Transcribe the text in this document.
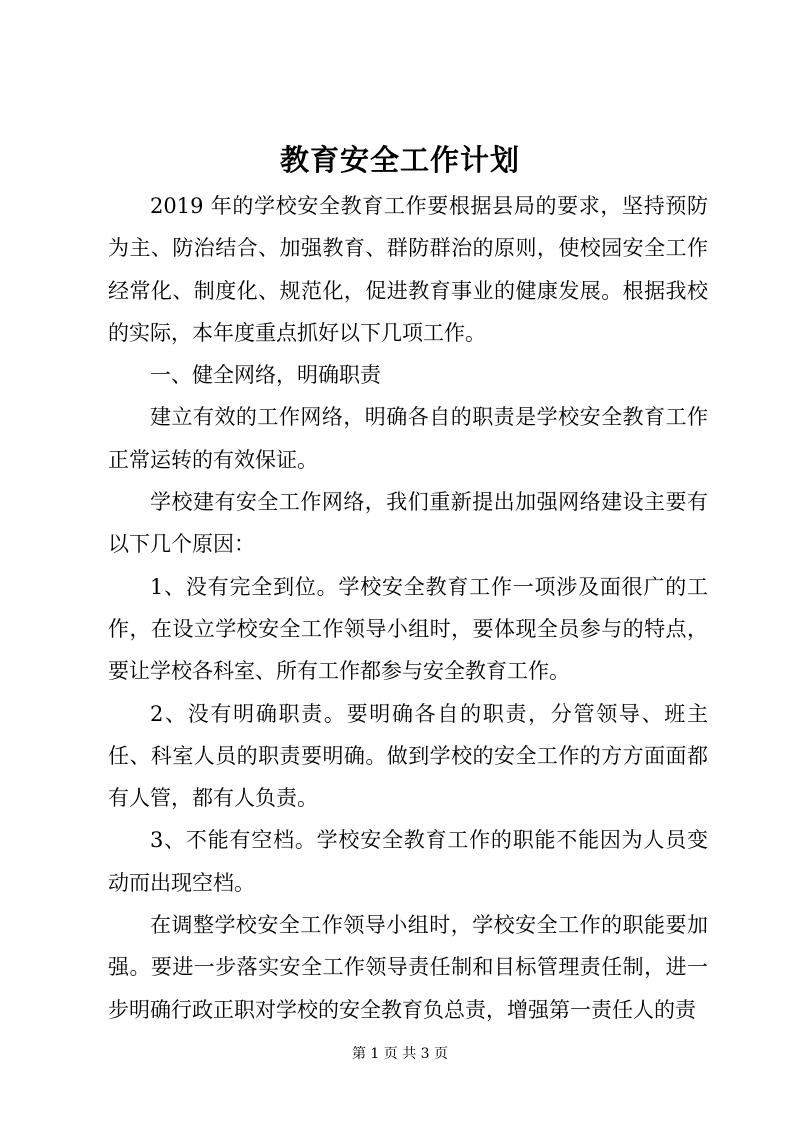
教育安全工作计划

2019 年的学校安全教育工作要根据县局的要求，坚持预防为主、防治结合、加强教育、群防群治的原则，使校园安全工作经常化、制度化、规范化，促进教育事业的健康发展。根据我校的实际，本年度重点抓好以下几项工作。

一、健全网络，明确职责

建立有效的工作网络，明确各自的职责是学校安全教育工作正常运转的有效保证。

学校建有安全工作网络，我们重新提出加强网络建设主要有以下几个原因：

1、没有完全到位。学校安全教育工作一项涉及面很广的工作，在设立学校安全工作领导小组时，要体现全员参与的特点，要让学校各科室、所有工作都参与安全教育工作。

2、没有明确职责。要明确各自的职责，分管领导、班主任、科室人员的职责要明确。做到学校的安全工作的方方面面都有人管，都有人负责。

3、不能有空档。学校安全教育工作的职能不能因为人员变动而出现空档。

在调整学校安全工作领导小组时，学校安全工作的职能要加强。要进一步落实安全工作领导责任制和目标管理责任制，进一步明确行政正职对学校的安全教育负总责，增强第一责任人的责

第 1 页 共 3 页
